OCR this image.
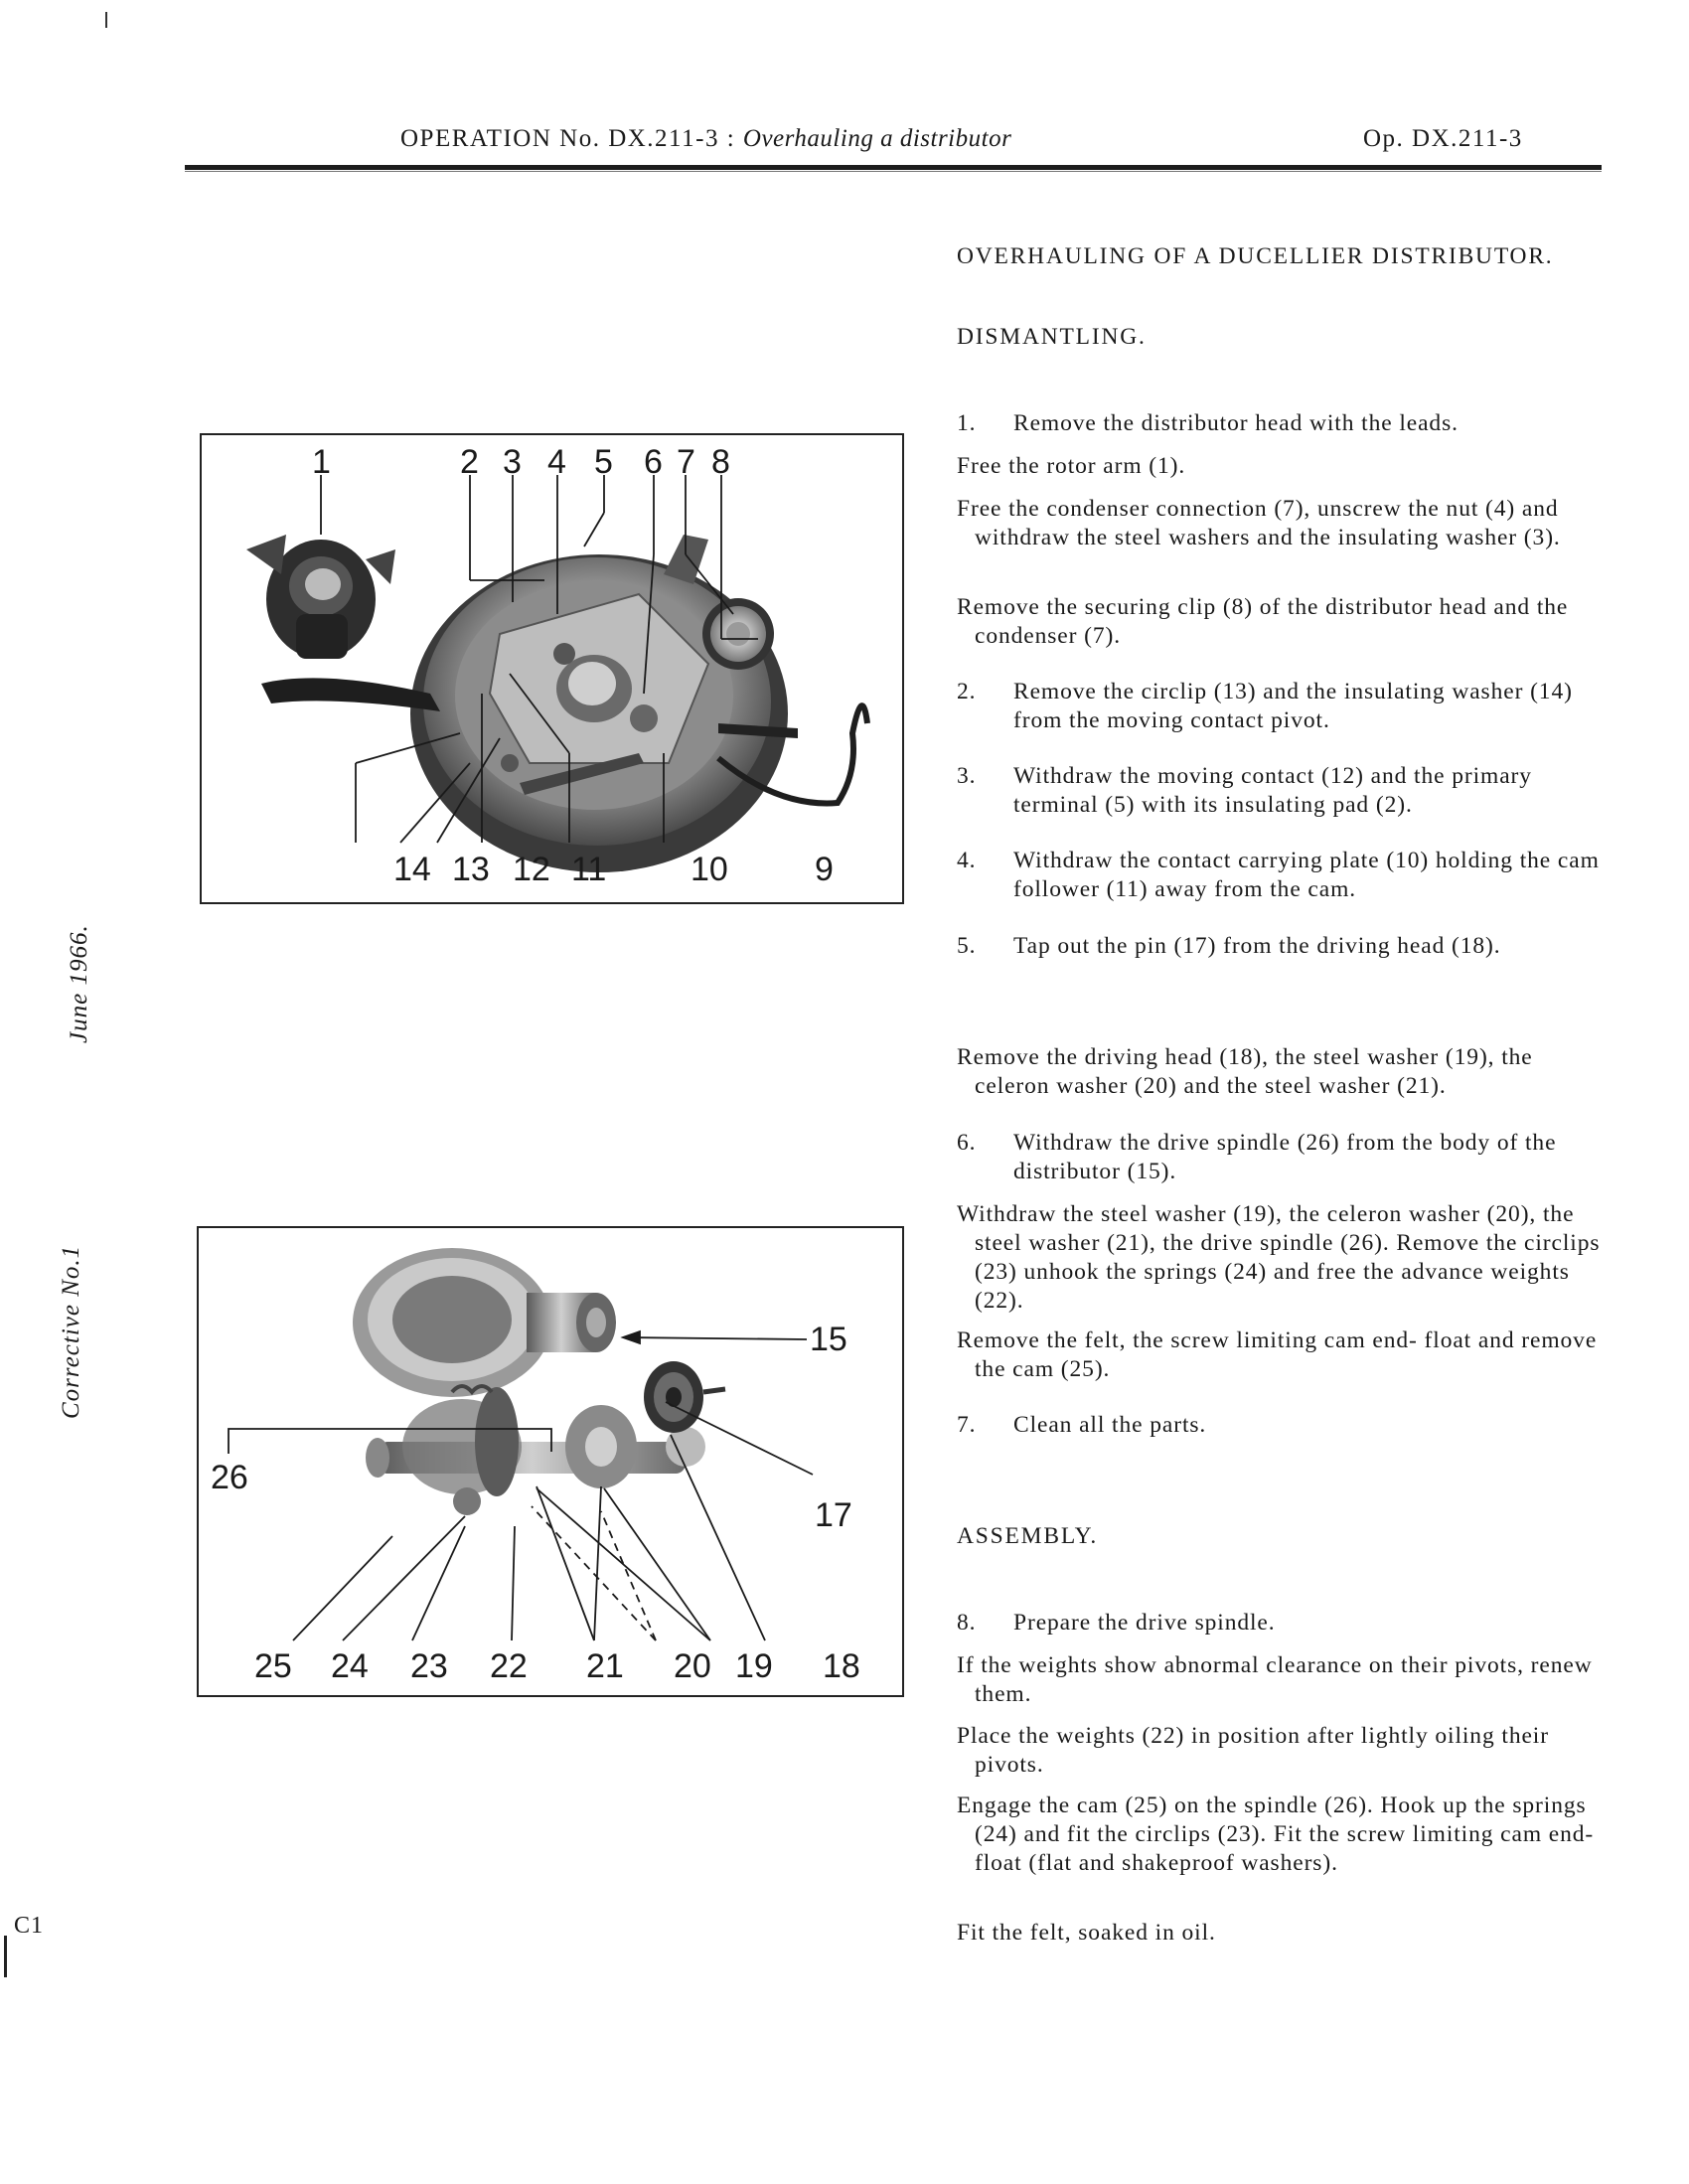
OPERATION No. DX.211-3 : Overhauling a distributor	Op. DX.211-3
June 1966.
Corrective No.1
C1
1	2 3 4 5 6 7 8
14 13 12 11 10	9
15
26
17
25 24 23 22 21 20 19 18
OVERHAULING OF A DUCELLIER DISTRIBUTOR.
DISMANTLING.
1.	Remove the distributor head with the leads.

Free the rotor arm (1).

Free the condenser connection (7), unscrew the nut (4) and withdraw the steel washers and the insulating washer (3).

Remove the securing clip (8) of the distributor head and the condenser (7).

2.	Remove the circlip (13) and the insulating washer (14) from the moving contact pivot.
3.	Withdraw the moving contact (12) and the primary terminal (5) with its insulating pad (2).
4.	Withdraw the contact carrying plate (10) holding the cam follower (11) away from the cam.
5.	Tap out the pin (17) from the driving head (18).

Remove the driving head (18), the steel washer (19), the celeron washer (20) and the steel washer (21).

6.	Withdraw the drive spindle (26) from the body of the distributor (15).

Withdraw the steel washer (19), the celeron washer (20), the steel washer (21), the drive spindle (26). Remove the circlips (23) unhook the springs (24) and free the advance weights (22).

Remove the felt, the screw limiting cam end- float and remove the cam (25).

7.	Clean all the parts.
ASSEMBLY.
8.	Prepare the drive spindle.

If the weights show abnormal clearance on their pivots, renew them.

Place the weights (22) in position after lightly oiling their pivots.

Engage the cam (25) on the spindle (26). Hook up the springs (24) and fit the circlips (23). Fit the screw limiting cam end-float (flat and shakeproof washers).

Fit the felt, soaked in oil.
